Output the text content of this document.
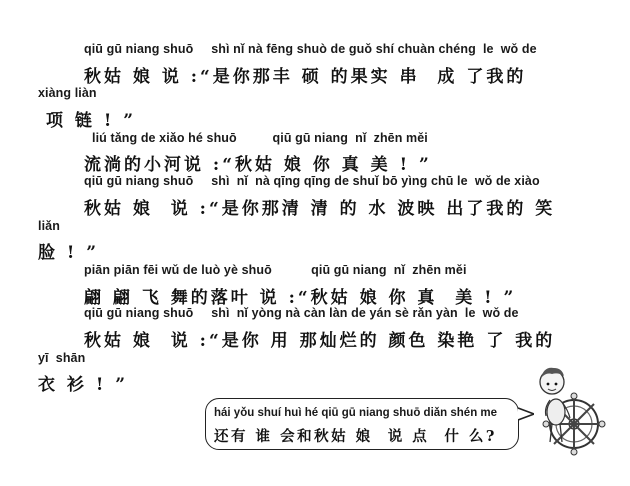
qiū gū niang shuō     shì nǐ nà fēng shuò de guǒ shí chuàn chéng  le  wǒ de
秋姑 娘 说 :“是你那丰 硕 的果实 串  成 了我的
xiàng liàn
项 链 ! ”
liú tǎng de xiǎo hé shuō          qiū gū niang  nǐ  zhēn měi
流淌的小河说 :“秋姑 娘 你 真 美 ! ”
qiū gū niang shuō     shì  nǐ  nà qīng qīng de shuǐ bō yìng chū le  wǒ de xiào
秋姑 娘  说 :“是你那清 清 的 水 波映 出了我的 笑
liǎn
脸 ! ”
piān piān fēi wǔ de luò yè shuō           qiū gū niang  nǐ  zhēn měi
翩 翩 飞 舞的落叶 说 :“秋姑 娘 你 真  美 ! ”
qiū gū niang shuō     shì  nǐ yòng nà càn làn de yán sè rǎn yàn  le  wǒ de
秋姑 娘  说 :“是你 用 那灿烂的 颜色 染艳 了 我的
yī  shān
衣 衫 ! ”
hái yǒu shuí huì hé qiū gū niang shuō diǎn shén me
还有 谁 会和秋姑 娘  说 点  什 么?
